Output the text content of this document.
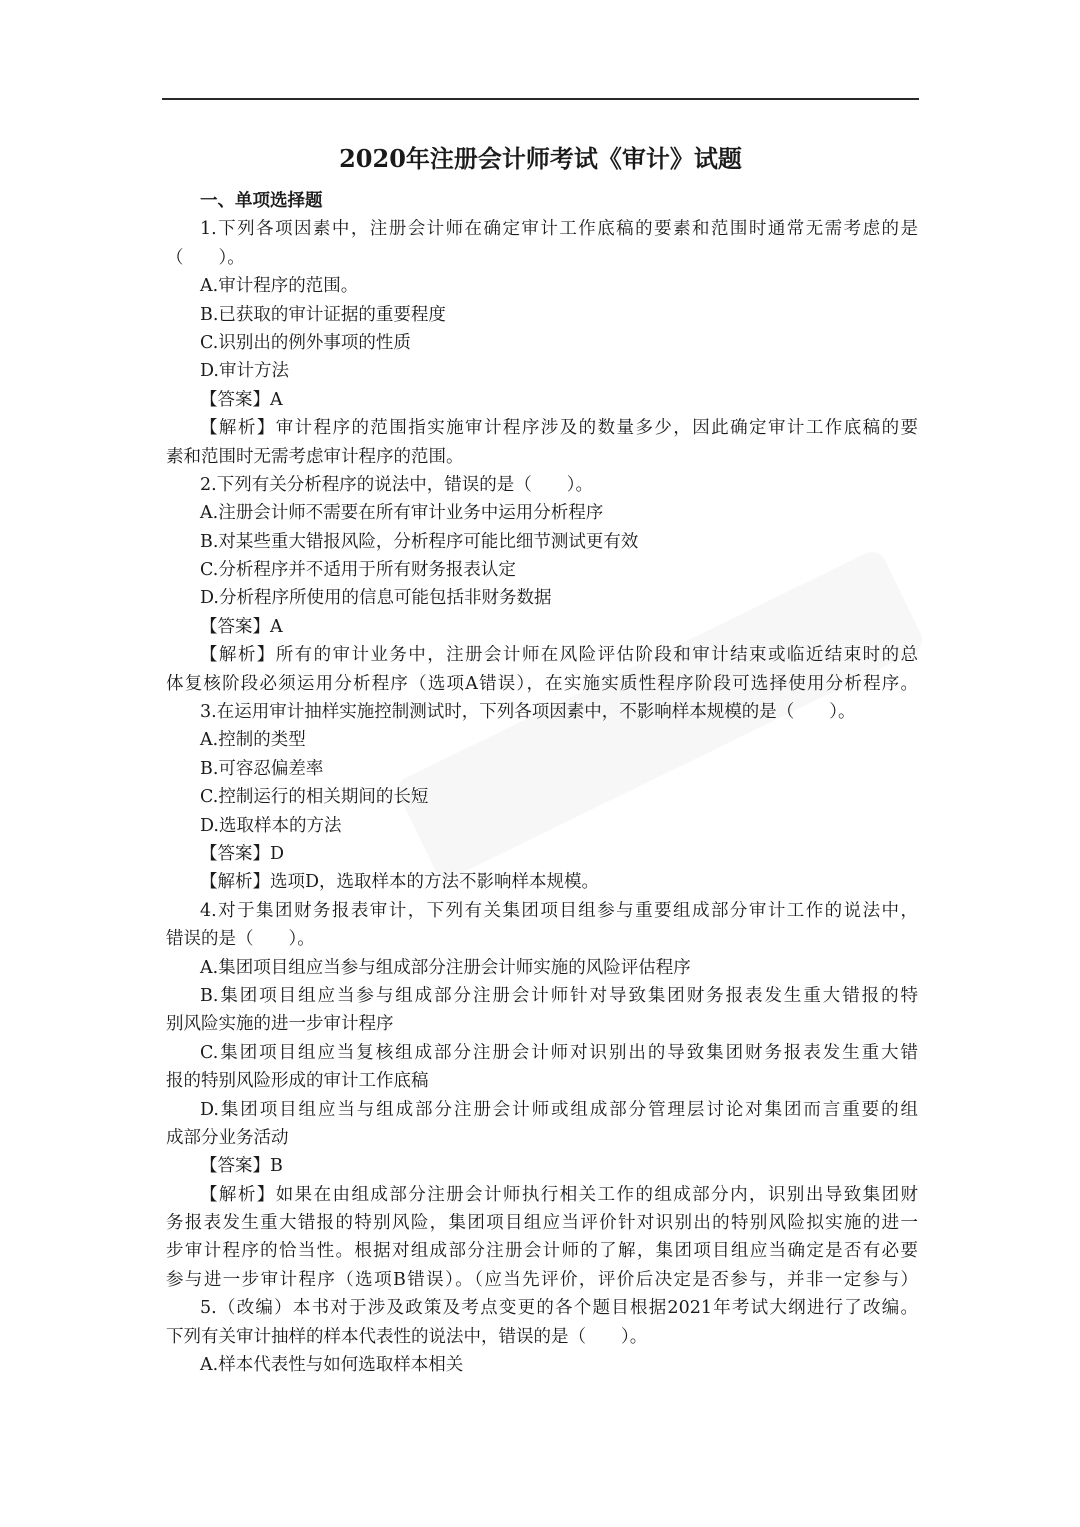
2020年注册会计师考试《审计》试题
一、单项选择题
1.下列各项因素中，注册会计师在确定审计工作底稿的要素和范围时通常无需考虑的是
（　　）。
A.审计程序的范围。
B.已获取的审计证据的重要程度
C.识别出的例外事项的性质
D.审计方法
【答案】A
【解析】审计程序的范围指实施审计程序涉及的数量多少，因此确定审计工作底稿的要
素和范围时无需考虑审计程序的范围。
2.下列有关分析程序的说法中，错误的是（　　）。
A.注册会计师不需要在所有审计业务中运用分析程序
B.对某些重大错报风险，分析程序可能比细节测试更有效
C.分析程序并不适用于所有财务报表认定
D.分析程序所使用的信息可能包括非财务数据
【答案】A
【解析】所有的审计业务中，注册会计师在风险评估阶段和审计结束或临近结束时的总
体复核阶段必须运用分析程序（选项A错误），在实施实质性程序阶段可选择使用分析程序。
3.在运用审计抽样实施控制测试时，下列各项因素中，不影响样本规模的是（　　）。
A.控制的类型
B.可容忍偏差率
C.控制运行的相关期间的长短
D.选取样本的方法
【答案】D
【解析】选项D，选取样本的方法不影响样本规模。
4.对于集团财务报表审计，下列有关集团项目组参与重要组成部分审计工作的说法中，
错误的是（　　）。
A.集团项目组应当参与组成部分注册会计师实施的风险评估程序
B.集团项目组应当参与组成部分注册会计师针对导致集团财务报表发生重大错报的特
别风险实施的进一步审计程序
C.集团项目组应当复核组成部分注册会计师对识别出的导致集团财务报表发生重大错
报的特别风险形成的审计工作底稿
D.集团项目组应当与组成部分注册会计师或组成部分管理层讨论对集团而言重要的组
成部分业务活动
【答案】B
【解析】如果在由组成部分注册会计师执行相关工作的组成部分内，识别出导致集团财
务报表发生重大错报的特别风险，集团项目组应当评价针对识别出的特别风险拟实施的进一
步审计程序的恰当性。根据对组成部分注册会计师的了解，集团项目组应当确定是否有必要
参与进一步审计程序（选项B错误）。（应当先评价，评价后决定是否参与，并非一定参与）
5.（改编）本书对于涉及政策及考点变更的各个题目根据2021年考试大纲进行了改编。
下列有关审计抽样的样本代表性的说法中，错误的是（　　）。
A.样本代表性与如何选取样本相关
